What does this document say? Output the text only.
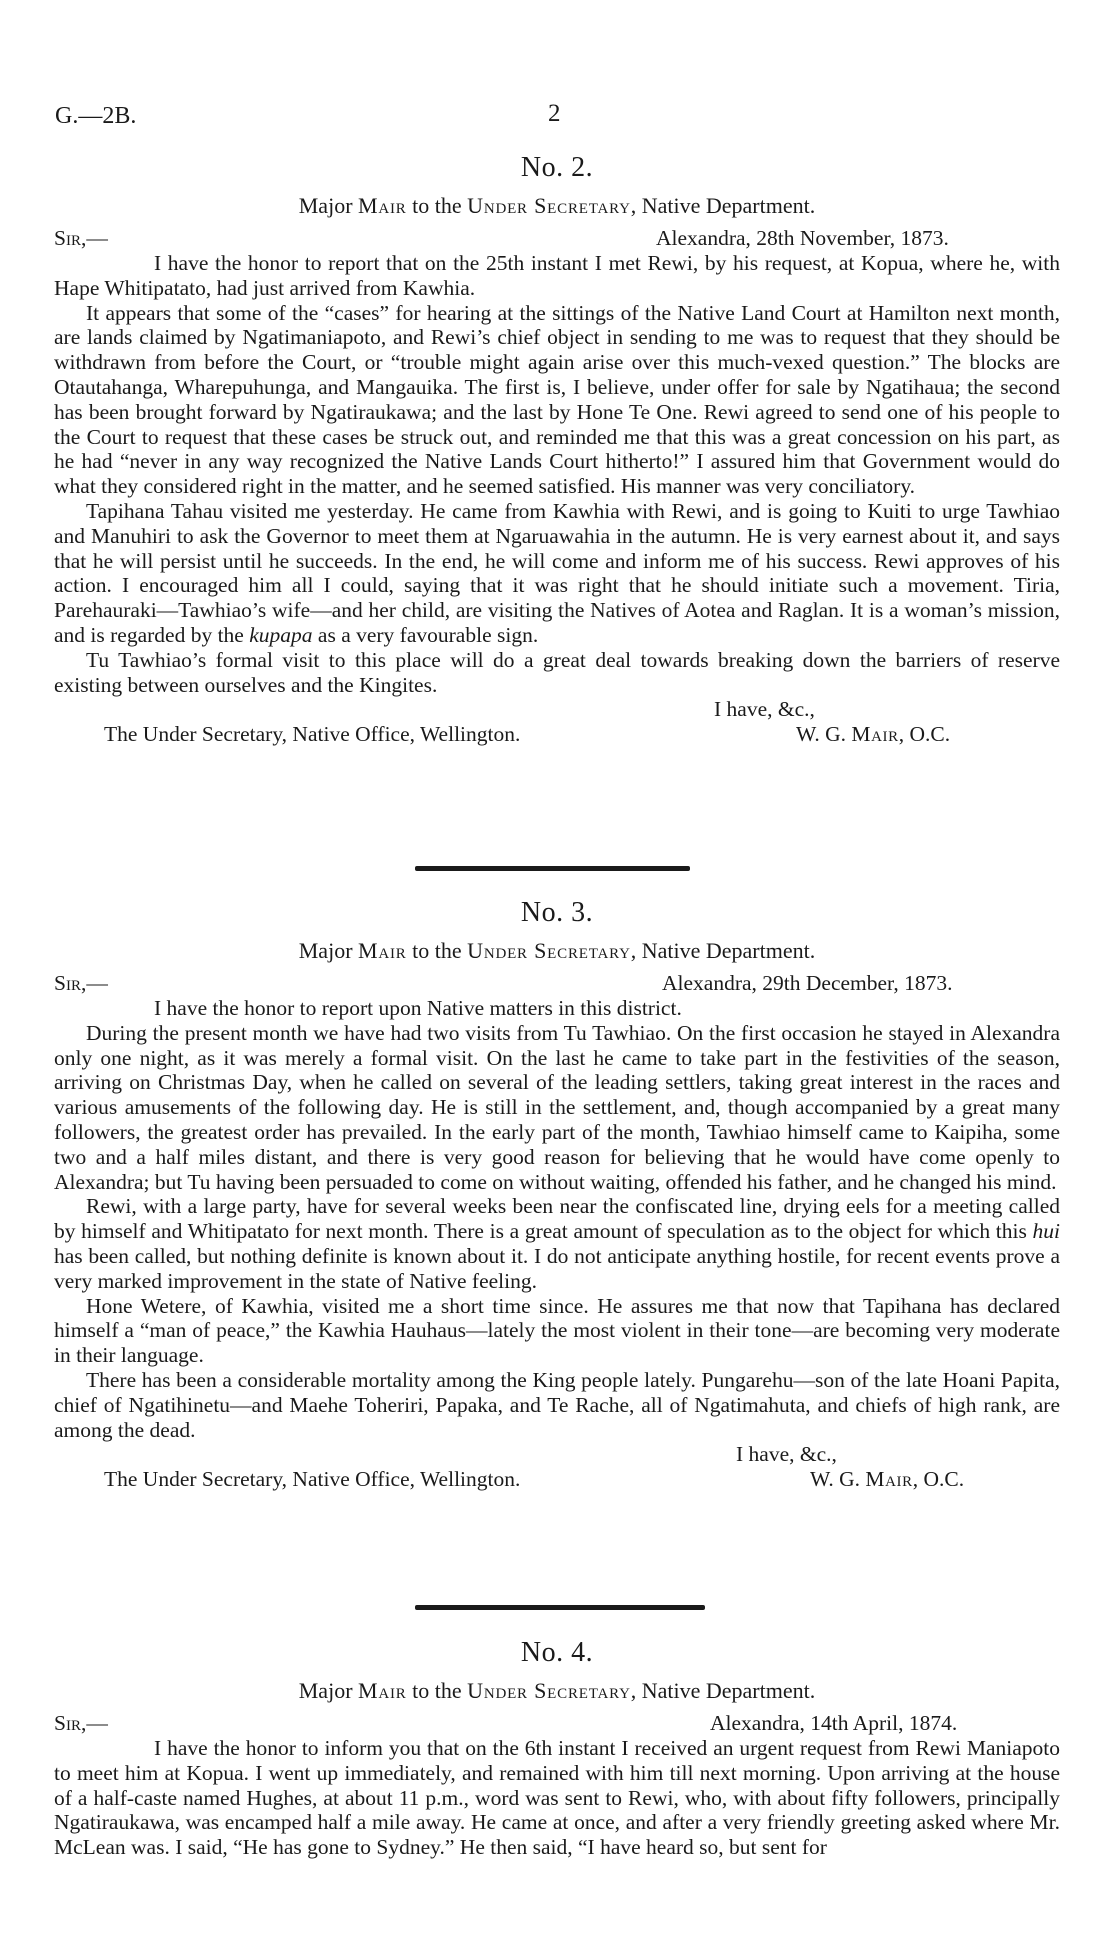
G.—2B.	2
No. 2.
Major Mair to the Under Secretary, Native Department.
Sir,—	Alexandra, 28th November, 1873.

I have the honor to report that on the 25th instant I met Rewi, by his request, at Kopua, where he, with Hape Whitipatato, had just arrived from Kawhia.

It appears that some of the “cases” for hearing at the sittings of the Native Land Court at Hamilton next month, are lands claimed by Ngatimaniapoto, and Rewi’s chief object in sending to me was to request that they should be withdrawn from before the Court, or “trouble might again arise over this much-vexed question.” The blocks are Otautahanga, Wharepuhunga, and Mangauika. The first is, I believe, under offer for sale by Ngatihaua; the second has been brought forward by Ngatiraukawa; and the last by Hone Te One. Rewi agreed to send one of his people to the Court to request that these cases be struck out, and reminded me that this was a great concession on his part, as he had “never in any way recognized the Native Lands Court hitherto!” I assured him that Government would do what they considered right in the matter, and he seemed satisfied. His manner was very conciliatory.

Tapihana Tahau visited me yesterday. He came from Kawhia with Rewi, and is going to Kuiti to urge Tawhiao and Manuhiri to ask the Governor to meet them at Ngaruawahia in the autumn. He is very earnest about it, and says that he will persist until he succeeds. In the end, he will come and inform me of his success. Rewi approves of his action. I encouraged him all I could, saying that it was right that he should initiate such a movement. Tiria, Parehauraki—Tawhiao’s wife—and her child, are visiting the Natives of Aotea and Raglan. It is a woman’s mission, and is regarded by the kupapa as a very favourable sign.

Tu Tawhiao’s formal visit to this place will do a great deal towards breaking down the barriers of reserve existing between ourselves and the Kingites.

I have, &c.,
The Under Secretary, Native Office, Wellington.	W. G. Mair, O.C.
No. 3.
Major Mair to the Under Secretary, Native Department.
Sir,—	Alexandra, 29th December, 1873.

I have the honor to report upon Native matters in this district.

During the present month we have had two visits from Tu Tawhiao. On the first occasion he stayed in Alexandra only one night, as it was merely a formal visit. On the last he came to take part in the festivities of the season, arriving on Christmas Day, when he called on several of the leading settlers, taking great interest in the races and various amusements of the following day. He is still in the settlement, and, though accompanied by a great many followers, the greatest order has prevailed. In the early part of the month, Tawhiao himself came to Kaipiha, some two and a half miles distant, and there is very good reason for believing that he would have come openly to Alexandra; but Tu having been persuaded to come on without waiting, offended his father, and he changed his mind.

Rewi, with a large party, have for several weeks been near the confiscated line, drying eels for a meeting called by himself and Whitipatato for next month. There is a great amount of speculation as to the object for which this hui has been called, but nothing definite is known about it. I do not anticipate anything hostile, for recent events prove a very marked improvement in the state of Native feeling.

Hone Wetere, of Kawhia, visited me a short time since. He assures me that now that Tapihana has declared himself a “man of peace,” the Kawhia Hauhaus—lately the most violent in their tone—are becoming very moderate in their language.

There has been a considerable mortality among the King people lately. Pungarehu—son of the late Hoani Papita, chief of Ngatihinetu—and Maehe Toheriri, Papaka, and Te Rache, all of Ngatimahuta, and chiefs of high rank, are among the dead.

I have, &c.,
The Under Secretary, Native Office, Wellington.	W. G. Mair, O.C.
No. 4.
Major Mair to the Under Secretary, Native Department.
Sir,—	Alexandra, 14th April, 1874.

I have the honor to inform you that on the 6th instant I received an urgent request from Rewi Maniapoto to meet him at Kopua. I went up immediately, and remained with him till next morning. Upon arriving at the house of a half-caste named Hughes, at about 11 p.m., word was sent to Rewi, who, with about fifty followers, principally Ngatiraukawa, was encamped half a mile away. He came at once, and after a very friendly greeting asked where Mr. McLean was. I said, “He has gone to Sydney.” He then said, “I have heard so, but sent for
